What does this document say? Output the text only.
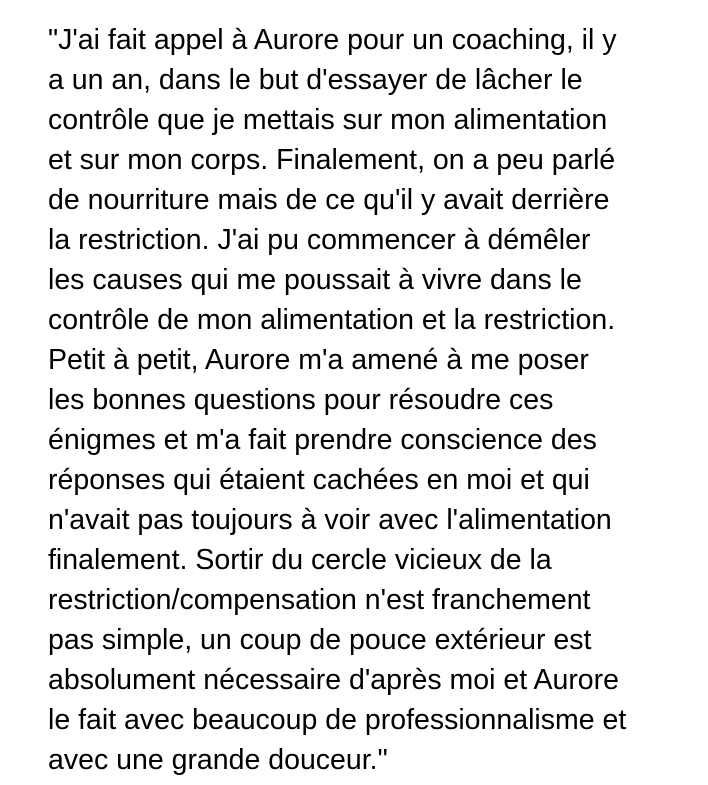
"J'ai fait appel à Aurore pour un coaching, il y
a un an, dans le but d'essayer de lâcher le
contrôle que je mettais sur mon alimentation
et sur mon corps. Finalement, on a peu parlé
de nourriture mais de ce qu'il y avait derrière
la restriction. J'ai pu commencer à démêler
les causes qui me poussait à vivre dans le
contrôle de mon alimentation et la restriction.
Petit à petit, Aurore m'a amené à me poser
les bonnes questions pour résoudre ces
énigmes et m'a fait prendre conscience des
réponses qui étaient cachées en moi et qui
n'avait pas toujours à voir avec l'alimentation
finalement. Sortir du cercle vicieux de la
restriction/compensation n'est franchement
pas simple, un coup de pouce extérieur est
absolument nécessaire d'après moi et Aurore
le fait avec beaucoup de professionnalisme et
avec une grande douceur."
